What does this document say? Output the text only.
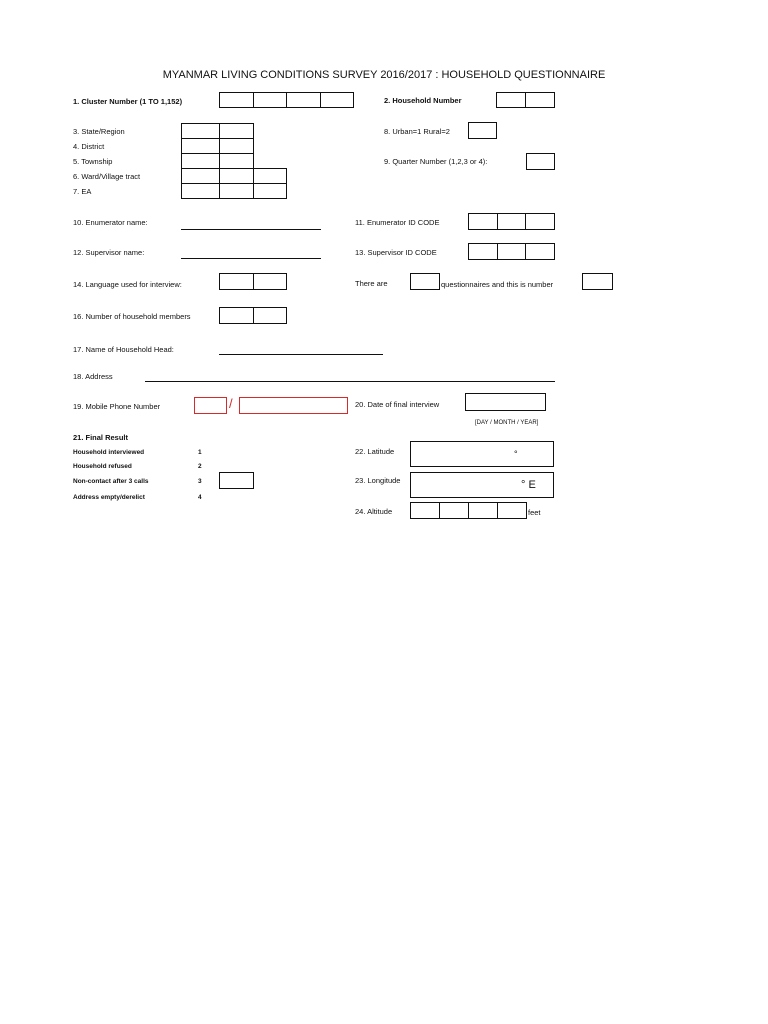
MYANMAR LIVING CONDITIONS SURVEY 2016/2017 : HOUSEHOLD QUESTIONNAIRE
1. Cluster Number (1 TO 1,152)	2. Household Number
3. State/Region
4. District
5. Township
6. Ward/Village tract
7. EA
8. Urban=1 Rural=2
9. Quarter Number (1,2,3 or 4):
10. Enumerator name:	11. Enumerator ID CODE
12. Supervisor name:	13. Supervisor ID CODE
14. Language used for interview:	There are	questionnaires and this is number
16. Number of household members
17. Name of Household Head:
18. Address
19. Mobile Phone Number	/	20. Date of final interview
[DAY / MONTH / YEAR]
21. Final Result
Household interviewed	1
Household refused	2
Non-contact after 3 calls	3
Address empty/derelict	4
22. Latitude	°
23. Longitude	° E
24. Altitude	feet
